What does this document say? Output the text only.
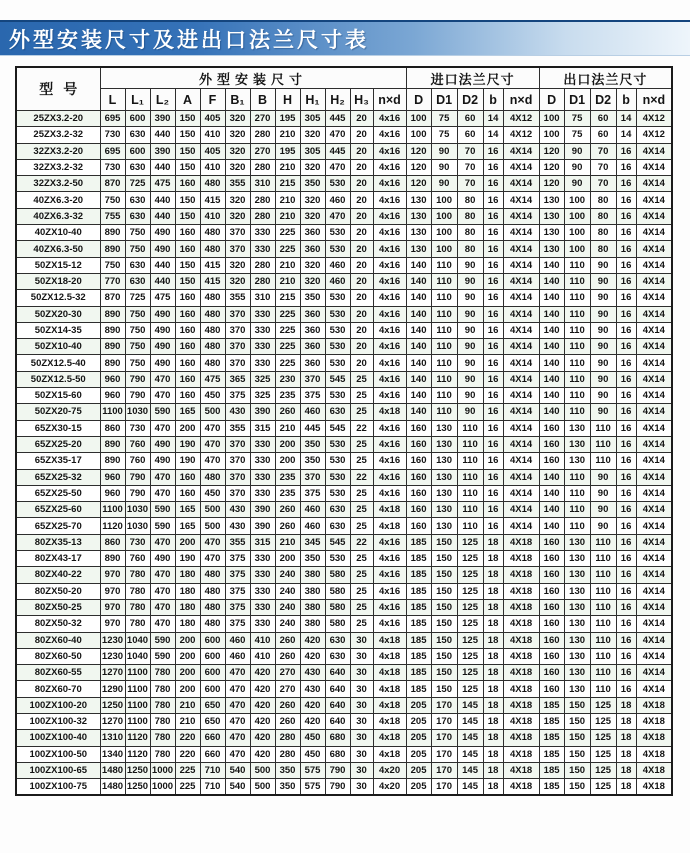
外型安装尺寸及进出口法兰尺寸表
型号	外型安装尺寸												进口法兰尺寸					出口法兰尺寸				
	L	L₁	L₂	A	F	B₁	B	H	H₁	H₂	H₃	n×d	D	D1	D2	b	n×d	D	D1	D2	b	n×d
25ZX3.2-20	695	600	390	150	405	320	270	195	305	445	20	4x16	100	75	60	14	4X12	100	75	60	14	4X12
25ZX3.2-32	730	630	440	150	410	320	280	210	320	470	20	4x16	100	75	60	14	4X12	100	75	60	14	4X12
32ZX3.2-20	695	600	390	150	405	320	270	195	305	445	20	4x16	120	90	70	16	4X14	120	90	70	16	4X14
32ZX3.2-32	730	630	440	150	410	320	280	210	320	470	20	4x16	120	90	70	16	4X14	120	90	70	16	4X14
32ZX3.2-50	870	725	475	160	480	355	310	215	350	530	20	4x16	120	90	70	16	4X14	120	90	70	16	4X14
40ZX6.3-20	750	630	440	150	415	320	280	210	320	460	20	4x16	130	100	80	16	4X14	130	100	80	16	4X14
40ZX6.3-32	755	630	440	150	410	320	280	210	320	470	20	4x16	130	100	80	16	4X14	130	100	80	16	4X14
40ZX10-40	890	750	490	160	480	370	330	225	360	530	20	4x16	130	100	80	16	4X14	130	100	80	16	4X14
40ZX6.3-50	890	750	490	160	480	370	330	225	360	530	20	4x16	130	100	80	16	4X14	130	100	80	16	4X14
50ZX15-12	750	630	440	150	415	320	280	210	320	460	20	4x16	140	110	90	16	4X14	140	110	90	16	4X14
50ZX18-20	770	630	440	150	415	320	280	210	320	460	20	4x16	140	110	90	16	4X14	140	110	90	16	4X14
50ZX12.5-32	870	725	475	160	480	355	310	215	350	530	20	4x16	140	110	90	16	4X14	140	110	90	16	4X14
50ZX20-30	890	750	490	160	480	370	330	225	360	530	20	4x16	140	110	90	16	4X14	140	110	90	16	4X14
50ZX14-35	890	750	490	160	480	370	330	225	360	530	20	4x16	140	110	90	16	4X14	140	110	90	16	4X14
50ZX10-40	890	750	490	160	480	370	330	225	360	530	20	4x16	140	110	90	16	4X14	140	110	90	16	4X14
50ZX12.5-40	890	750	490	160	480	370	330	225	360	530	20	4x16	140	110	90	16	4X14	140	110	90	16	4X14
50ZX12.5-50	960	790	470	160	475	365	325	230	370	545	25	4x16	140	110	90	16	4X14	140	110	90	16	4X14
50ZX15-60	960	790	470	160	450	375	325	235	375	530	25	4x16	140	110	90	16	4X14	140	110	90	16	4X14
50ZX20-75	1100	1030	590	165	500	430	390	260	460	630	25	4x18	140	110	90	16	4X14	140	110	90	16	4X14
65ZX30-15	860	730	470	200	470	355	315	210	445	545	22	4x16	160	130	110	16	4X14	160	130	110	16	4X14
65ZX25-20	890	760	490	190	470	370	330	200	350	530	25	4x16	160	130	110	16	4X14	160	130	110	16	4X14
65ZX35-17	890	760	490	190	470	370	330	200	350	530	25	4x16	160	130	110	16	4X14	160	130	110	16	4X14
65ZX25-32	960	790	470	160	480	370	330	235	370	530	22	4x16	160	130	110	16	4X14	140	110	90	16	4X14
65ZX25-50	960	790	470	160	450	370	330	235	375	530	25	4x16	160	130	110	16	4X14	140	110	90	16	4X14
65ZX25-60	1100	1030	590	165	500	430	390	260	460	630	25	4x18	160	130	110	16	4X14	140	110	90	16	4X14
65ZX25-70	1120	1030	590	165	500	430	390	260	460	630	25	4x18	160	130	110	16	4X14	140	110	90	16	4X14
80ZX35-13	860	730	470	200	470	355	315	210	345	545	22	4x16	185	150	125	18	4X18	160	130	110	16	4X14
80ZX43-17	890	760	490	190	470	375	330	200	350	530	25	4x16	185	150	125	18	4X18	160	130	110	16	4X14
80ZX40-22	970	780	470	180	480	375	330	240	380	580	25	4x16	185	150	125	18	4X18	160	130	110	16	4X14
80ZX50-20	970	780	470	180	480	375	330	240	380	580	25	4x16	185	150	125	18	4X18	160	130	110	16	4X14
80ZX50-25	970	780	470	180	480	375	330	240	380	580	25	4x16	185	150	125	18	4X18	160	130	110	16	4X14
80ZX50-32	970	780	470	180	480	375	330	240	380	580	25	4x16	185	150	125	18	4X18	160	130	110	16	4X14
80ZX60-40	1230	1040	590	200	600	460	410	260	420	630	30	4x18	185	150	125	18	4X18	160	130	110	16	4X14
80ZX60-50	1230	1040	590	200	600	460	410	260	420	630	30	4x18	185	150	125	18	4X18	160	130	110	16	4X14
80ZX60-55	1270	1100	780	200	600	470	420	270	430	640	30	4x18	185	150	125	18	4X18	160	130	110	16	4X14
80ZX60-70	1290	1100	780	200	600	470	420	270	430	640	30	4x18	185	150	125	18	4X18	160	130	110	16	4X14
100ZX100-20	1250	1100	780	210	650	470	420	260	420	640	30	4x18	205	170	145	18	4X18	185	150	125	18	4X18
100ZX100-32	1270	1100	780	210	650	470	420	260	420	640	30	4x18	205	170	145	18	4X18	185	150	125	18	4X18
100ZX100-40	1310	1120	780	220	660	470	420	280	450	680	30	4x18	205	170	145	18	4X18	185	150	125	18	4X18
100ZX100-50	1340	1120	780	220	660	470	420	280	450	680	30	4x18	205	170	145	18	4X18	185	150	125	18	4X18
100ZX100-65	1480	1250	1000	225	710	540	500	350	575	790	30	4x20	205	170	145	18	4X18	185	150	125	18	4X18
100ZX100-75	1480	1250	1000	225	710	540	500	350	575	790	30	4x20	205	170	145	18	4X18	185	150	125	18	4X18
